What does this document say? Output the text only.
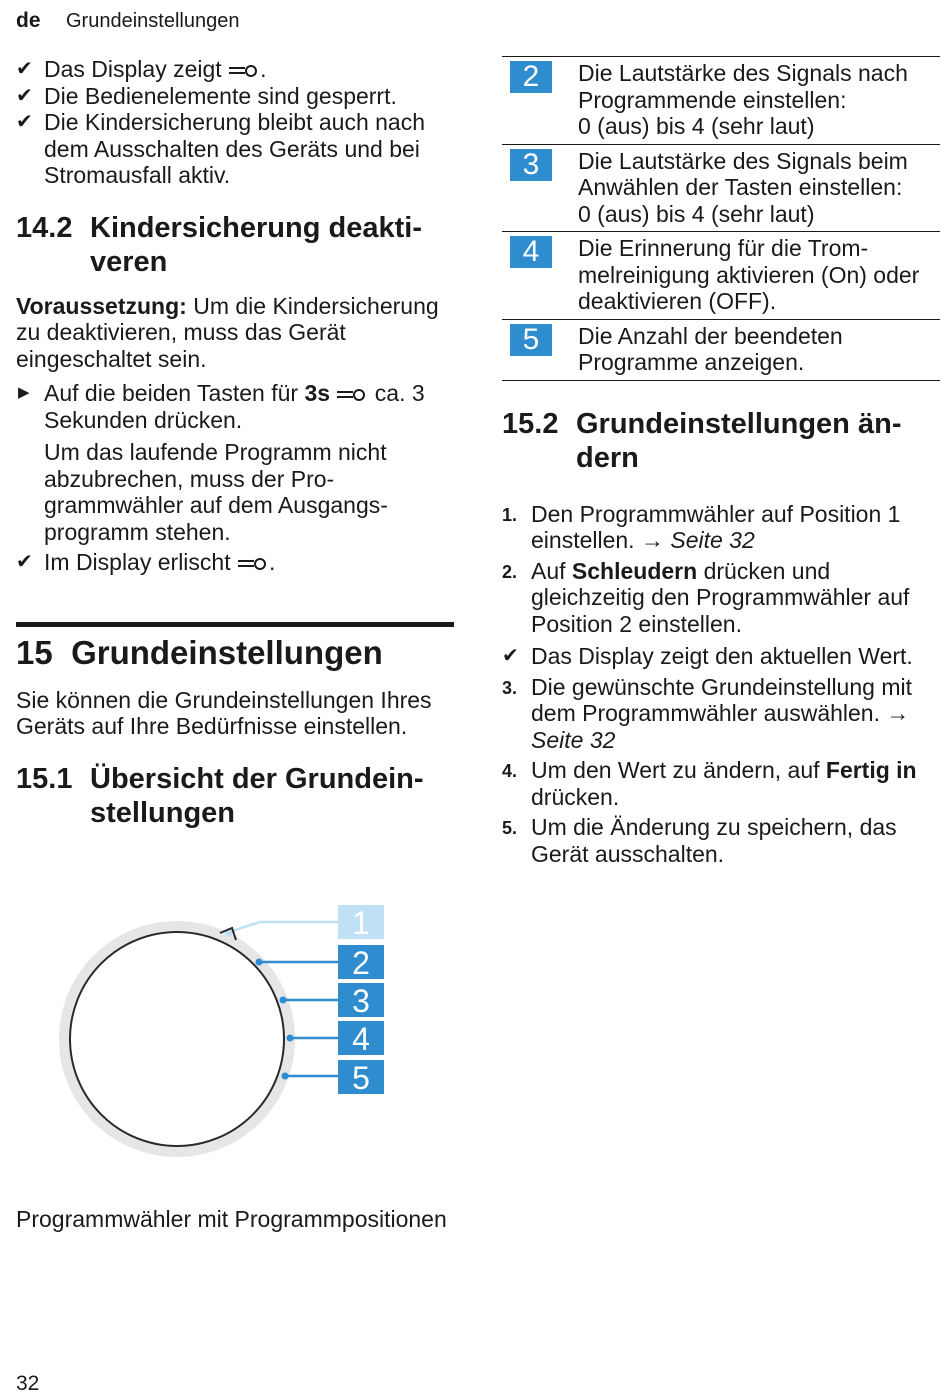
de Grundeinstellungen
✔ Das Display zeigt .
✔ Die Bedienelemente sind gesperrt.
✔ Die Kindersicherung bleibt auch nach dem Ausschalten des Geräts und bei Stromausfall aktiv.
14.2 Kindersicherung deaktiveren
Voraussetzung: Um die Kindersicherung zu deaktivieren, muss das Gerät eingeschaltet sein.
▶ Auf die beiden Tasten für 3s  ca. 3 Sekunden drücken.
Um das laufende Programm nicht abzubrechen, muss der Programmwähler auf dem Ausgangsprogramm stehen.
✔ Im Display erlischt .
15 Grundeinstellungen
Sie können die Grundeinstellungen Ihres Geräts auf Ihre Bedürfnisse einstellen.
15.1 Übersicht der Grundeinstellungen
1
2
3
4
5
Programmwähler mit Programmpositionen
2	Die Lautstärke des Signals nach Programmende einstellen:
0 (aus) bis 4 (sehr laut)

3	Die Lautstärke des Signals beim Anwählen der Tasten einstellen:
0 (aus) bis 4 (sehr laut)

4	Die Erinnerung für die Trommelreinigung aktivieren (On) oder deaktivieren (OFF).

5	Die Anzahl der beendeten Programme anzeigen.
15.2 Grundeinstellungen ändern
1. Den Programmwähler auf Position 1 einstellen. → Seite 32
2. Auf Schleudern drücken und gleichzeitig den Programmwähler auf Position 2 einstellen.
✔ Das Display zeigt den aktuellen Wert.
3. Die gewünschte Grundeinstellung mit dem Programmwähler auswählen. → Seite 32
4. Um den Wert zu ändern, auf Fertig in drücken.
5. Um die Änderung zu speichern, das Gerät ausschalten.
32
